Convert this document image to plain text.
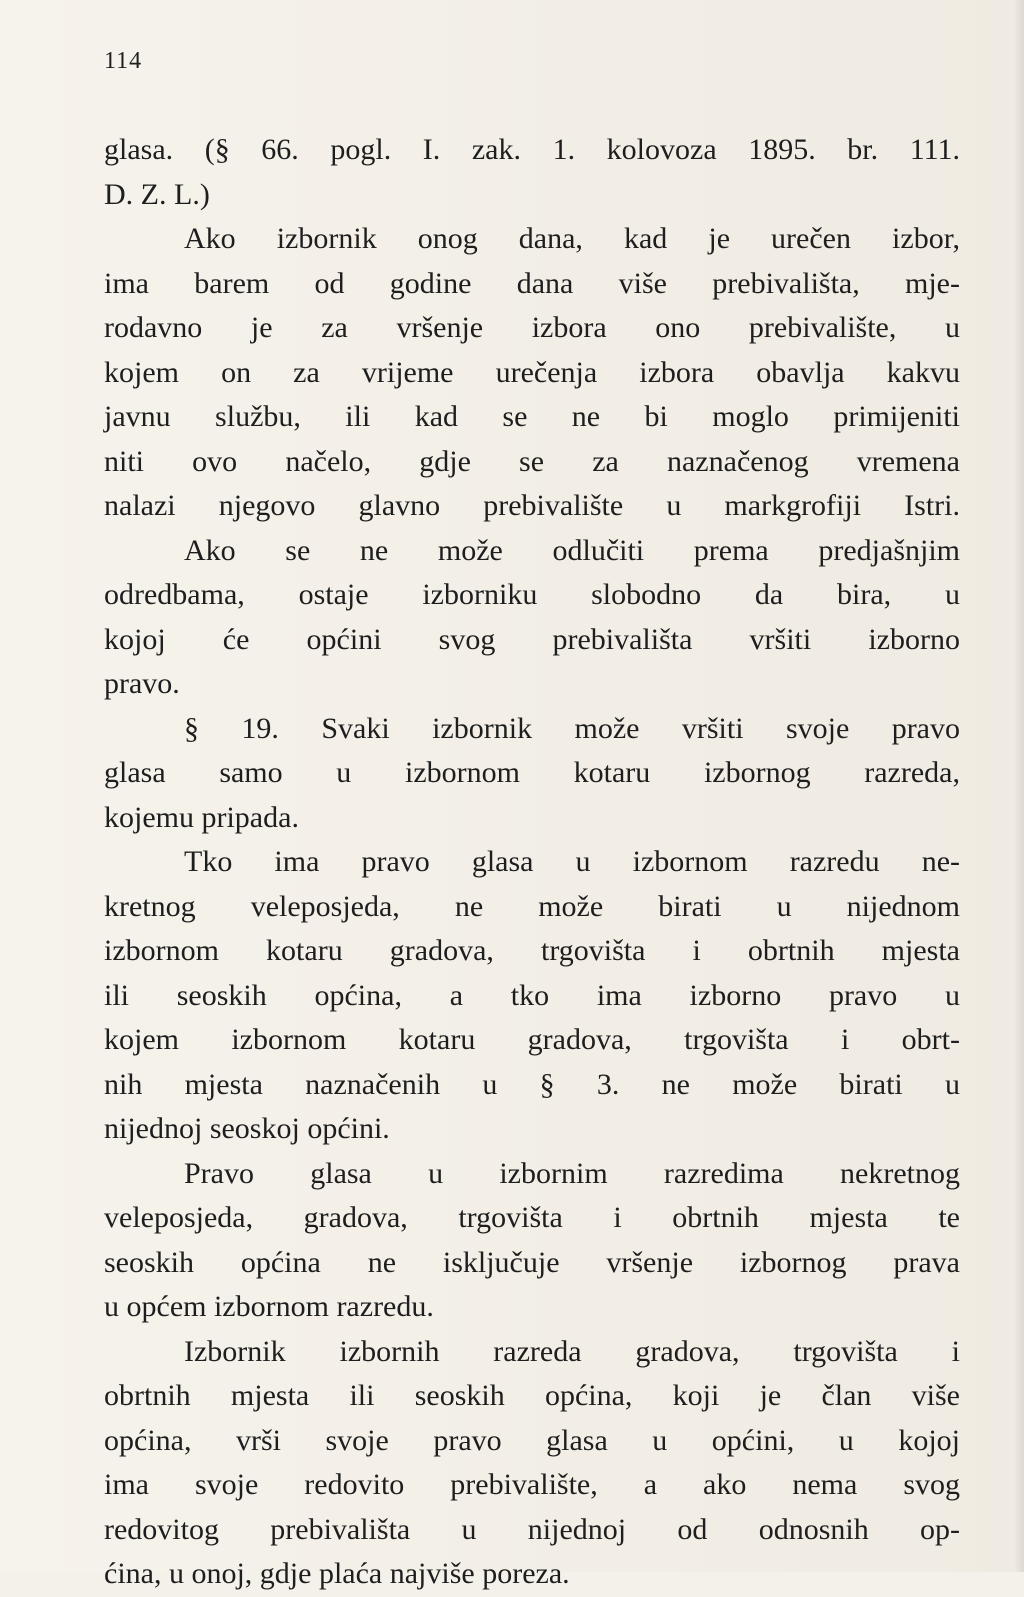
114
glasa. (§ 66. pogl. I. zak. 1. kolovoza 1895. br. 111.
D. Z. L.)
Ako izbornik onog dana, kad je urečen izbor,
ima barem od godine dana više prebivališta, mje-
rodavno je za vršenje izbora ono prebivalište, u
kojem on za vrijeme urečenja izbora obavlja kakvu
javnu službu, ili kad se ne bi moglo primijeniti
niti ovo načelo, gdje se za naznačenog vremena
nalazi njegovo glavno prebivalište u markgrofiji Istri.
Ako se ne može odlučiti prema predjašnjim
odredbama, ostaje izborniku slobodno da bira, u
kojoj će općini svog prebivališta vršiti izborno
pravo.
§ 19. Svaki izbornik može vršiti svoje pravo
glasa samo u izbornom kotaru izbornog razreda,
kojemu pripada.
Tko ima pravo glasa u izbornom razredu ne-
kretnog veleposjeda, ne može birati u nijednom
izbornom kotaru gradova, trgovišta i obrtnih mjesta
ili seoskih općina, a tko ima izborno pravo u
kojem izbornom kotaru gradova, trgovišta i obrt-
nih mjesta naznačenih u § 3. ne može birati u
nijednoj seoskoj općini.
Pravo glasa u izbornim razredima nekretnog
veleposjeda, gradova, trgovišta i obrtnih mjesta te
seoskih općina ne isključuje vršenje izbornog prava
u općem izbornom razredu.
Izbornik izbornih razreda gradova, trgovišta i
obrtnih mjesta ili seoskih općina, koji je član više
općina, vrši svoje pravo glasa u općini, u kojoj
ima svoje redovito prebivalište, a ako nema svog
redovitog prebivališta u nijednoj od odnosnih op-
ćina, u onoj, gdje plaća najviše poreza.
